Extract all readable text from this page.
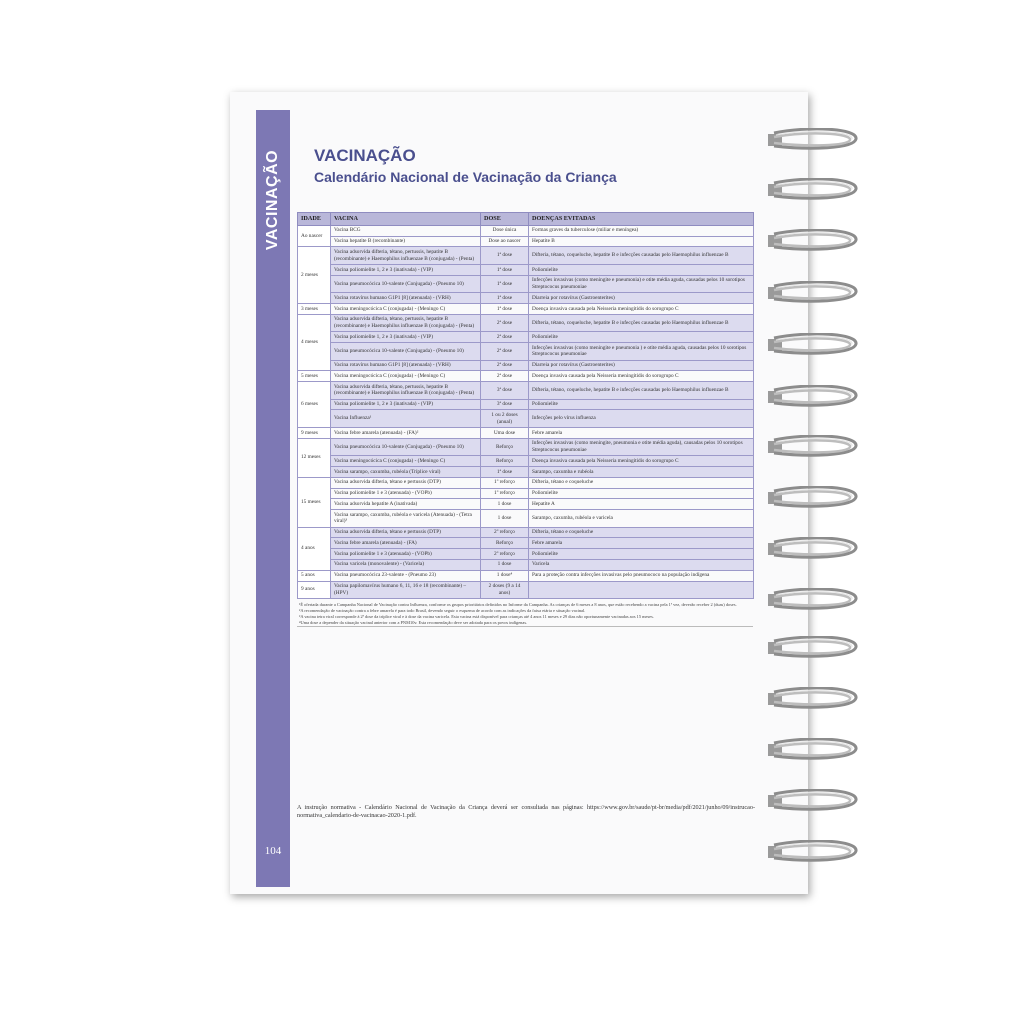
VACINAÇÃO
104
VACINAÇÃO
Calendário Nacional de Vacinação da Criança
IDADE	VACINA	DOSE	DOENÇAS EVITADAS
Ao nascer	Vacina BCG	Dose única	Formas graves da tuberculose (miliar e meníngea)
	Vacina hepatite B (recombinante)	Dose ao nascer	Hepatite B
2 meses	Vacina adsorvida difteria, tétano, pertussis, hepatite B (recombinante) e Haemophilus influenzae B (conjugada) - (Penta)	1ª dose	Difteria, tétano, coqueluche, hepatite B e infecções causadas pelo Haemophilus influenzae B
	Vacina poliomielite 1, 2 e 3 (inativada) - (VIP)	1ª dose	Poliomielite
	Vacina pneumocócica 10-valente (Conjugada) - (Pneumo 10)	1ª dose	Infecções invasivas (como meningite e pneumonia) e otite média aguda, causadas pelos 10 sorotipos Streptococus pneumoniae
	Vacina rotavírus humano G1P1 [8] (atenuada) - (VRH)	1ª dose	Diarreia por rotavírus (Gastroenterites)
3 meses	Vacina meningocócica C (conjugada) - (Meningo C)	1ª dose	Doença invasiva causada pela Neisseria meningitidis do sorogrupo C
4 meses	Vacina adsorvida difteria, tétano, pertussis, hepatite B (recombinante) e Haemophilus influenzae B (conjugada) - (Penta)	2ª dose	Difteria, tétano, coqueluche, hepatite B e infecções causadas pelo Haemophilus influenzae B
	Vacina poliomielite 1, 2 e 3 (inativada) - (VIP)	2ª dose	Poliomielite
	Vacina pneumocócica 10-valente (Conjugada) - (Pneumo 10)	2ª dose	Infecções invasivas (como meningite e pneumonia ) e otite média aguda, causadas pelos 10 sorotipos Streptococus pneumoniae
	Vacina rotavírus humano G1P1 [8] (atenuada) - (VRH)	2ª dose	Diarreia por rotavírus (Gastroenterites)
5 meses	Vacina meningocócica C (conjugada) - (Meningo C)	2ª dose	Doença invasiva causada pela Neisseria meningitidis do sorogrupo C
6 meses	Vacina adsorvida difteria, tétano, pertussis, hepatite B (recombinante) e Haemophilus influenzae B (conjugada) - (Penta)	3ª dose	Difteria, tétano, coqueluche, hepatite B e infecções causadas pelo Haemophilus influenzae B
	Vacina poliomielite 1, 2 e 3 (inativada) - (VIP)	3ª dose	Poliomielite
	Vacina Influenza¹	1 ou 2 doses (anual)	Infecções pelo vírus influenza
9 meses	Vacina febre amarela (atenuada) - (FA)²	Uma dose	Febre amarela
12 meses	Vacina pneumocócica 10-valente (Conjugada) - (Pneumo 10)	Reforço	Infecções invasivas (como meningite, pneumonia e otite média aguda), causadas pelos 10 sorotipos Streptococus pneumoniae
	Vacina meningocócica C (conjugada) - (Meningo C)	Reforço	Doença invasiva causada pela Neisseria meningitidis do sorogrupo C
	Vacina sarampo, caxumba, rubéola (Tríplice viral)	1ª dose	Sarampo, caxumba e rubéola
15 meses	Vacina adsorvida difteria, tétano e pertussis (DTP)	1º reforço	Difteria, tétano e coqueluche
	Vacina poliomielite 1 e 3 (atenuada) - (VOPb)	1º reforço	Poliomielite
	Vacina adsorvida hepatite A (inativada)	1 dose	Hepatite A
	Vacina sarampo, caxumba, rubéola e varicela (Atenuada) - (Tetra viral)³	1 dose	Sarampo, caxumba, rubéola e varicela
4 anos	Vacina adsorvida difteria, tétano e pertussis (DTP)	2º reforço	Difteria, tétano e coqueluche
	Vacina febre amarela (atenuada) - (FA)	Reforço	Febre amarela
	Vacina poliomielite 1 e 3 (atenuada) - (VOPb)	2º reforço	Poliomielite
	Vacina varicela (monovalente) - (Varicela)	1 dose	Varicela
5 anos	Vacina pneumocócica 23-valente - (Pneumo 23)	1 dose⁴	Para a proteção contra infecções invasivas pelo pneumococo na população indígena
9 anos	Vacina papilomavírus humano 6, 11, 16 e 18 (recombinante) – (HPV)	2 doses (9 a 14 anos)	
¹É ofertada durante a Campanha Nacional de Vacinação contra Influenza, conforme os grupos prioritários definidos no Informe da Campanha. As crianças de 6 meses a 8 anos, que estão recebendo a vacina pela 1ª vez, deverão receber 2 (duas) doses.
²A recomendação de vacinação contra a febre amarela é para todo Brasil, devendo seguir o esquema de acordo com as indicações da faixa etária e situação vacinal.
³A vacina tetra viral corresponde à 2ª dose da tríplice viral e à dose da vacina varicela. Esta vacina está disponível para crianças até 4 anos 11 meses e 29 dias não oportunamente vacinadas aos 15 meses.
⁴Uma dose a depender da situação vacinal anterior com a PNM10v. Esta recomendação deve ser adotada para os povos indígenas.
A instrução normativa - Calendário Nacional de Vacinação da Criança deverá ser consultada nas páginas: https://www.gov.br/saude/pt-br/media/pdf/2021/junho/09/instrucao-normativa_calendario-de-vacinacao-2020-1.pdf.
